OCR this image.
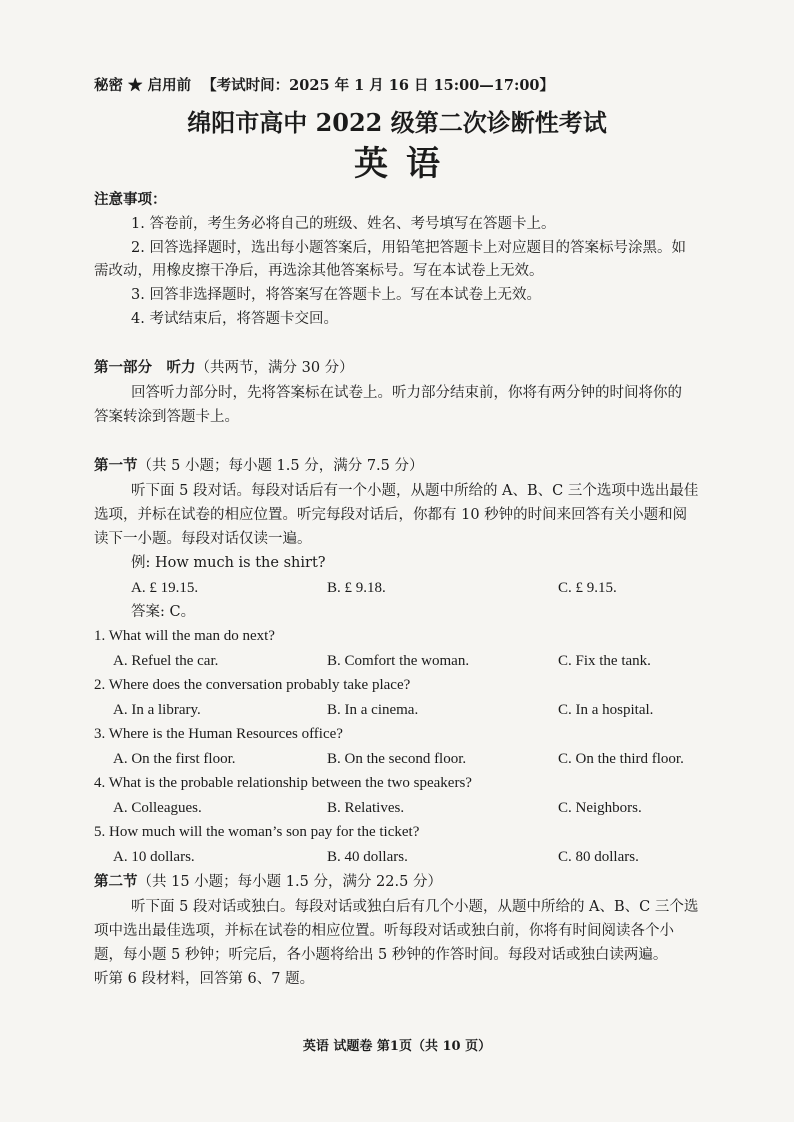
秘密 ★ 启用前 【考试时间：2025 年 1 月 16 日 15:00—17:00】
绵阳市高中 2022 级第二次诊断性考试
英语
注意事项：
1. 答卷前，考生务必将自己的班级、姓名、考号填写在答题卡上。
2. 回答选择题时，选出每小题答案后，用铅笔把答题卡上对应题目的答案标号涂黑。如
需改动，用橡皮擦干净后，再选涂其他答案标号。写在本试卷上无效。
3. 回答非选择题时，将答案写在答题卡上。写在本试卷上无效。
4. 考试结束后，将答题卡交回。
第一部分　听力（共两节，满分 30 分）
回答听力部分时，先将答案标在试卷上。听力部分结束前，你将有两分钟的时间将你的
答案转涂到答题卡上。
第一节（共 5 小题；每小题 1.5 分，满分 7.5 分）
听下面 5 段对话。每段对话后有一个小题，从题中所给的 A、B、C 三个选项中选出最佳
选项，并标在试卷的相应位置。听完每段对话后，你都有 10 秒钟的时间来回答有关小题和阅
读下一小题。每段对话仅读一遍。
例: How much is the shirt?
A. £ 19.15.	B. £ 9.18.	C. £ 9.15.
答案: C。
1. What will the man do next?
A. Refuel the car.	B. Comfort the woman.	C. Fix the tank.
2. Where does the conversation probably take place?
A. In a library.	B. In a cinema.	C. In a hospital.
3. Where is the Human Resources office?
A. On the first floor.	B. On the second floor.	C. On the third floor.
4. What is the probable relationship between the two speakers?
A. Colleagues.	B. Relatives.	C. Neighbors.
5. How much will the woman’s son pay for the ticket?
A. 10 dollars.	B. 40 dollars.	C. 80 dollars.
第二节（共 15 小题；每小题 1.5 分，满分 22.5 分）
听下面 5 段对话或独白。每段对话或独白后有几个小题，从题中所给的 A、B、C 三个选
项中选出最佳选项，并标在试卷的相应位置。听每段对话或独白前，你将有时间阅读各个小
题，每小题 5 秒钟；听完后，各小题将给出 5 秒钟的作答时间。每段对话或独白读两遍。
听第 6 段材料，回答第 6、7 题。
英语 试题卷 第1页（共 10 页）
